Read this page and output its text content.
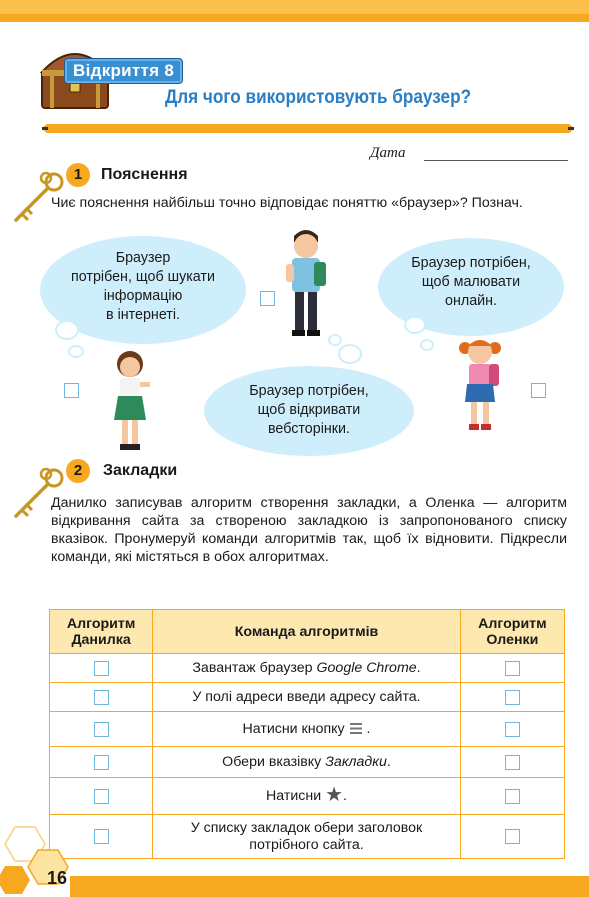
Відкриття 8
Для чого використовують браузер?
Дата
1	Пояснення
Чиє пояснення найбільш точно відповідає поняттю «браузер»? Познач.
Браузер
потрібен, щоб шукати
інформацію
в інтернеті.
Браузер потрібен,
щоб малювати
онлайн.
Браузер потрібен,
щоб відкривати
вебсторінки.
2	Закладки
Данилко записував алгоритм створення закладки, а Оленка — алгоритм відкривання сайта за створеною закладкою із запропонованого списку вказівок. Пронумеруй команди алгоритмів так, щоб їх відновити. Підкресли команди, які містяться в обох алгоритмах.
Алгоритм Данилка	Команда алгоритмів	Алгоритм Оленки
	Завантаж браузер Google Chrome.	
	У полі адреси введи адресу сайта.	
	Натисни кнопку  .	
	Обери вказівку Закладки.	
	Натисни ★.	
	У списку закладок обери заголовок потрібного сайта.	
16
